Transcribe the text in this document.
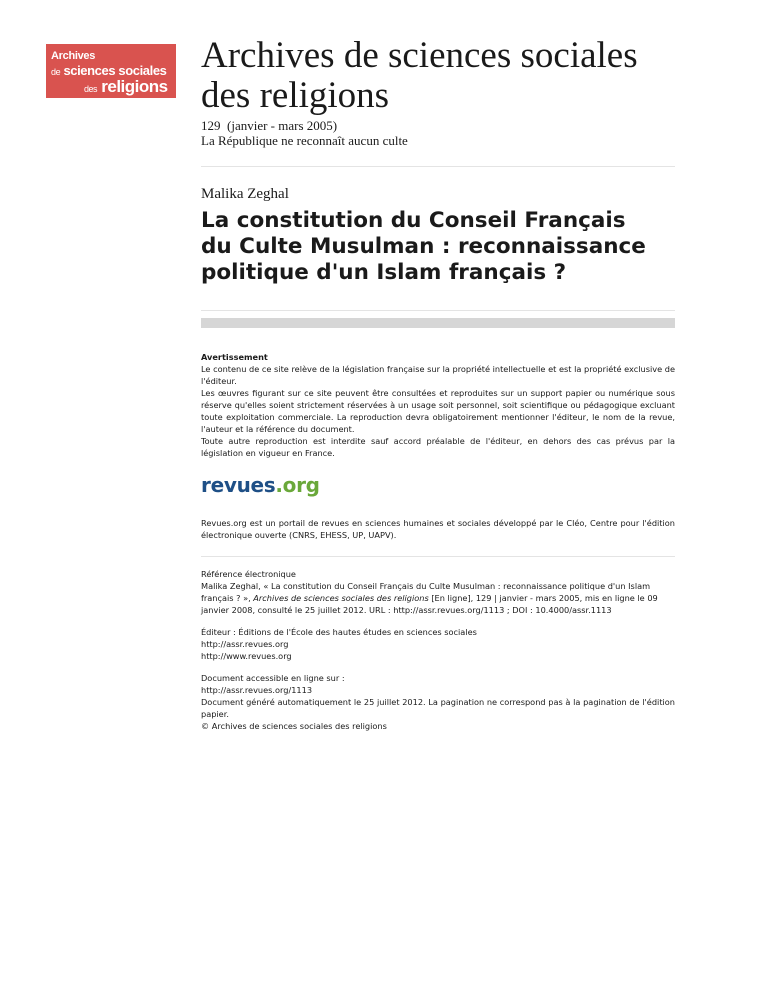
Archives
de sciences sociales
des religions
Archives de sciences sociales
des religions
129  (janvier - mars 2005)
La République ne reconnaît aucun culte
Malika Zeghal
La constitution du Conseil Français
du Culte Musulman : reconnaissance
politique d'un Islam français ?
Avertissement
Le contenu de ce site relève de la législation française sur la propriété intellectuelle et est la propriété exclusive de l'éditeur.
Les œuvres figurant sur ce site peuvent être consultées et reproduites sur un support papier ou numérique sous réserve qu'elles soient strictement réservées à un usage soit personnel, soit scientifique ou pédagogique excluant toute exploitation commerciale. La reproduction devra obligatoirement mentionner l'éditeur, le nom de la revue, l'auteur et la référence du document.
Toute autre reproduction est interdite sauf accord préalable de l'éditeur, en dehors des cas prévus par la législation en vigueur en France.
revues.org
Revues.org est un portail de revues en sciences humaines et sociales développé par le Cléo, Centre pour l'édition électronique ouverte (CNRS, EHESS, UP, UAPV).
Référence électronique
Malika Zeghal, « La constitution du Conseil Français du Culte Musulman : reconnaissance politique d'un Islam français ? », Archives de sciences sociales des religions [En ligne], 129 | janvier - mars 2005, mis en ligne le 09 janvier 2008, consulté le 25 juillet 2012. URL : http://assr.revues.org/1113 ; DOI : 10.4000/assr.1113
Éditeur : Éditions de l'École des hautes études en sciences sociales
http://assr.revues.org
http://www.revues.org
Document accessible en ligne sur :
http://assr.revues.org/1113
Document généré automatiquement le 25 juillet 2012. La pagination ne correspond pas à la pagination de l'édition papier.
© Archives de sciences sociales des religions
